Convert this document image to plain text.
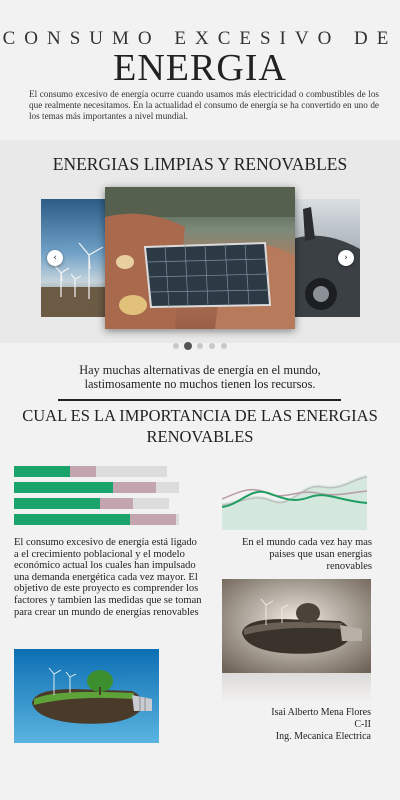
CONSUMO EXCESIVO DE
ENERGIA

El consumo excesivo de energía ocurre cuando usamos más electricidad o combustibles de los que realmente necesitamos. En la actualidad el consumo de energía se ha convertido en uno de los temas más importantes a nivel mundial.

ENERGIAS LIMPIAS Y RENOVABLES
‹	›

Hay muchas alternativas de energía en el mundo, lastimosamente no muchos tienen los recursos.

CUAL ES LA IMPORTANCIA DE LAS ENERGIAS RENOVABLES

El consumo excesivo de energía está ligado a el crecimiento poblacional y el modelo económico actual los cuales han impulsado una demanda energética cada vez mayor. El objetivo de este proyecto es comprender los factores y tambien las medidas que se toman para crear un mundo de energías renovables

En el mundo cada vez hay mas paises que usan energias renovables

Isai Alberto Mena Flores
C-II
Ing. Mecanica Electrica
